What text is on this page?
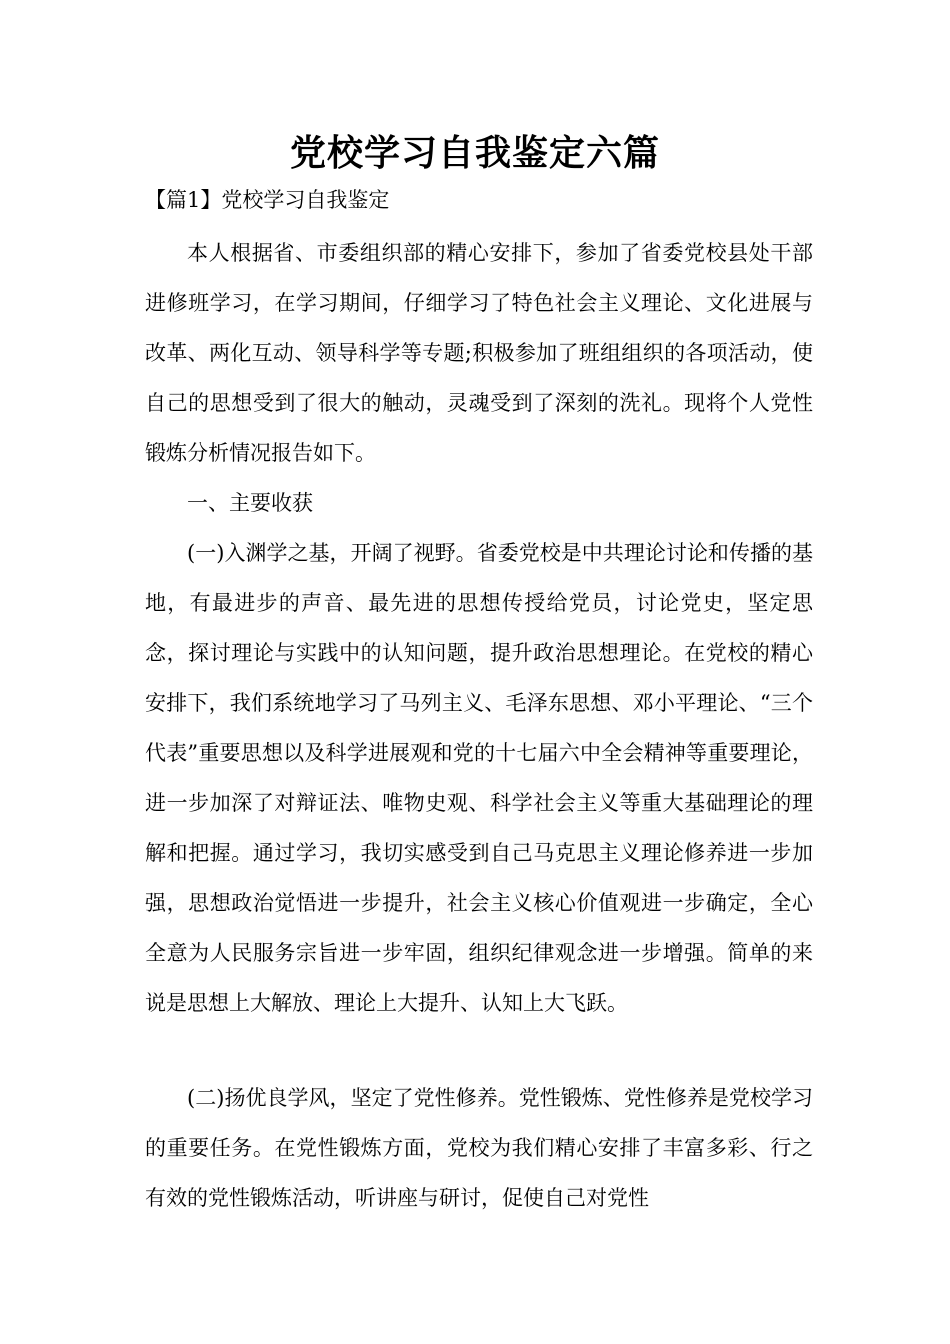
党校学习自我鉴定六篇
【篇1】党校学习自我鉴定

本人根据省、市委组织部的精心安排下，参加了省委党校县处干部进修班学习，在学习期间，仔细学习了特色社会主义理论、文化进展与改革、两化互动、领导科学等专题;积极参加了班组组织的各项活动，使自己的思想受到了很大的触动，灵魂受到了深刻的洗礼。现将个人党性锻炼分析情况报告如下。

一、主要收获

(一)入渊学之基，开阔了视野。省委党校是中共理论讨论和传播的基地，有最进步的声音、最先进的思想传授给党员，讨论党史，坚定思念，探讨理论与实践中的认知问题，提升政治思想理论。在党校的精心安排下，我们系统地学习了马列主义、毛泽东思想、邓小平理论、“三个代表”重要思想以及科学进展观和党的十七届六中全会精神等重要理论，进一步加深了对辩证法、唯物史观、科学社会主义等重大基础理论的理解和把握。通过学习，我切实感受到自己马克思主义理论修养进一步加强，思想政治觉悟进一步提升，社会主义核心价值观进一步确定，全心全意为人民服务宗旨进一步牢固，组织纪律观念进一步增强。简单的来说是思想上大解放、理论上大提升、认知上大飞跃。

(二)扬优良学风，坚定了党性修养。党性锻炼、党性修养是党校学习的重要任务。在党性锻炼方面，党校为我们精心安排了丰富多彩、行之有效的党性锻炼活动，听讲座与研讨，促使自己对党性
